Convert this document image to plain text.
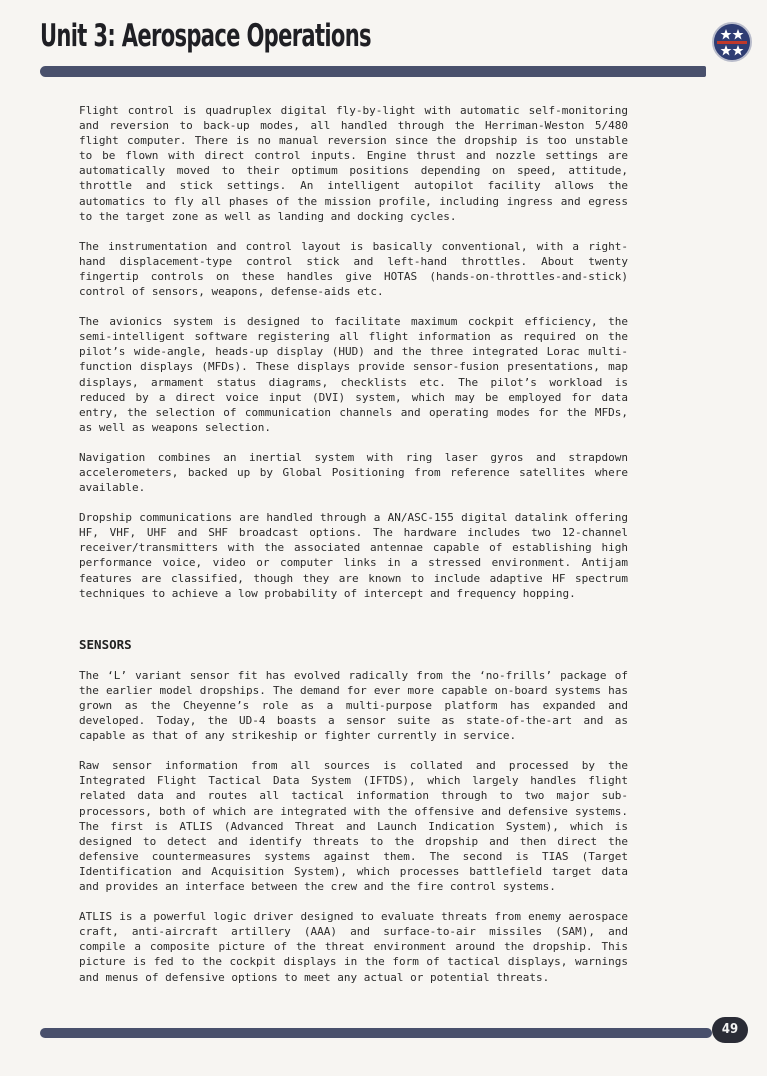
Unit 3: Aerospace Operations

Flight control is quadruplex digital fly-by-light with automatic self-monitoring and reversion to back-up modes, all handled through the Herriman-Weston 5/480 flight computer. There is no manual reversion since the dropship is too unstable to be flown with direct control inputs. Engine thrust and nozzle settings are automatically moved to their optimum positions depending on speed, attitude, throttle and stick settings. An intelligent autopilot facility allows the automatics to fly all phases of the mission profile, including ingress and egress to the target zone as well as landing and docking cycles.

The instrumentation and control layout is basically conventional, with a right-hand displacement-type control stick and left-hand throttles. About twenty fingertip controls on these handles give HOTAS (hands-on-throttles-and-stick) control of sensors, weapons, defense-aids etc.

The avionics system is designed to facilitate maximum cockpit efficiency, the semi-intelligent software registering all flight information as required on the pilot’s wide-angle, heads-up display (HUD) and the three integrated Lorac multi-function displays (MFDs). These displays provide sensor-fusion presentations, map displays, armament status diagrams, checklists etc. The pilot’s workload is reduced by a direct voice input (DVI) system, which may be employed for data entry, the selection of communication channels and operating modes for the MFDs, as well as weapons selection.

Navigation combines an inertial system with ring laser gyros and strapdown accelerometers, backed up by Global Positioning from reference satellites where available.

Dropship communications are handled through a AN/ASC-155 digital datalink offering HF, VHF, UHF and SHF broadcast options. The hardware includes two 12-channel receiver/transmitters with the associated antennae capable of establishing high performance voice, video or computer links in a stressed environment. Antijam features are classified, though they are known to include adaptive HF spectrum techniques to achieve a low probability of intercept and frequency hopping.

SENSORS

The ‘L’ variant sensor fit has evolved radically from the ‘no-frills’ package of the earlier model dropships. The demand for ever more capable on-board systems has grown as the Cheyenne’s role as a multi-purpose platform has expanded and developed. Today, the UD-4 boasts a sensor suite as state-of-the-art and as capable as that of any strikeship or fighter currently in service.

Raw sensor information from all sources is collated and processed by the Integrated Flight Tactical Data System (IFTDS), which largely handles flight related data and routes all tactical information through to two major sub-processors, both of which are integrated with the offensive and defensive systems. The first is ATLIS (Advanced Threat and Launch Indication System), which is designed to detect and identify threats to the dropship and then direct the defensive countermeasures systems against them. The second is TIAS (Target Identification and Acquisition System), which processes battlefield target data and provides an interface between the crew and the fire control systems.

ATLIS is a powerful logic driver designed to evaluate threats from enemy aerospace craft, anti-aircraft artillery (AAA) and surface-to-air missiles (SAM), and compile a composite picture of the threat environment around the dropship. This picture is fed to the cockpit displays in the form of tactical displays, warnings and menus of defensive options to meet any actual or potential threats.

49
